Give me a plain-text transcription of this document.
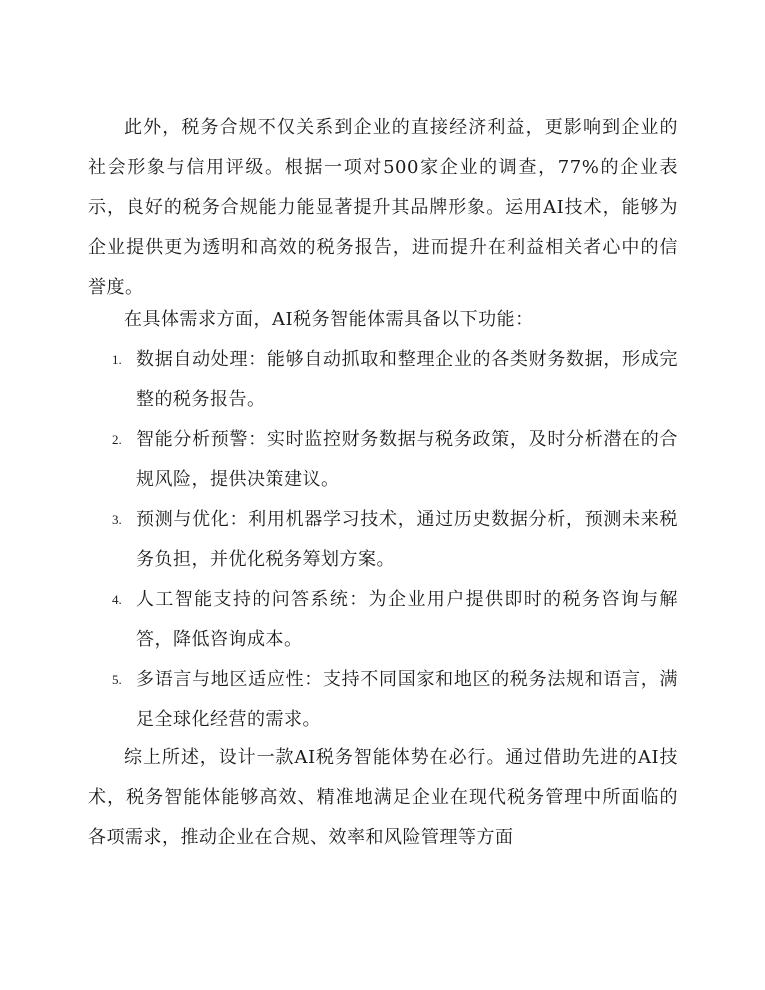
此外，税务合规不仅关系到企业的直接经济利益，更影响到企业的社会形象与信用评级。根据一项对500家企业的调查，77%的企业表示，良好的税务合规能力能显著提升其品牌形象。运用AI技术，能够为企业提供更为透明和高效的税务报告，进而提升在利益相关者心中的信誉度。

在具体需求方面，AI税务智能体需具备以下功能：

1. 数据自动处理：能够自动抓取和整理企业的各类财务数据，形成完整的税务报告。
2. 智能分析预警：实时监控财务数据与税务政策，及时分析潜在的合规风险，提供决策建议。
3. 预测与优化：利用机器学习技术，通过历史数据分析，预测未来税务负担，并优化税务筹划方案。
4. 人工智能支持的问答系统：为企业用户提供即时的税务咨询与解答，降低咨询成本。
5. 多语言与地区适应性：支持不同国家和地区的税务法规和语言，满足全球化经营的需求。

综上所述，设计一款AI税务智能体势在必行。通过借助先进的AI技术，税务智能体能够高效、精准地满足企业在现代税务管理中所面临的各项需求，推动企业在合规、效率和风险管理等方面
